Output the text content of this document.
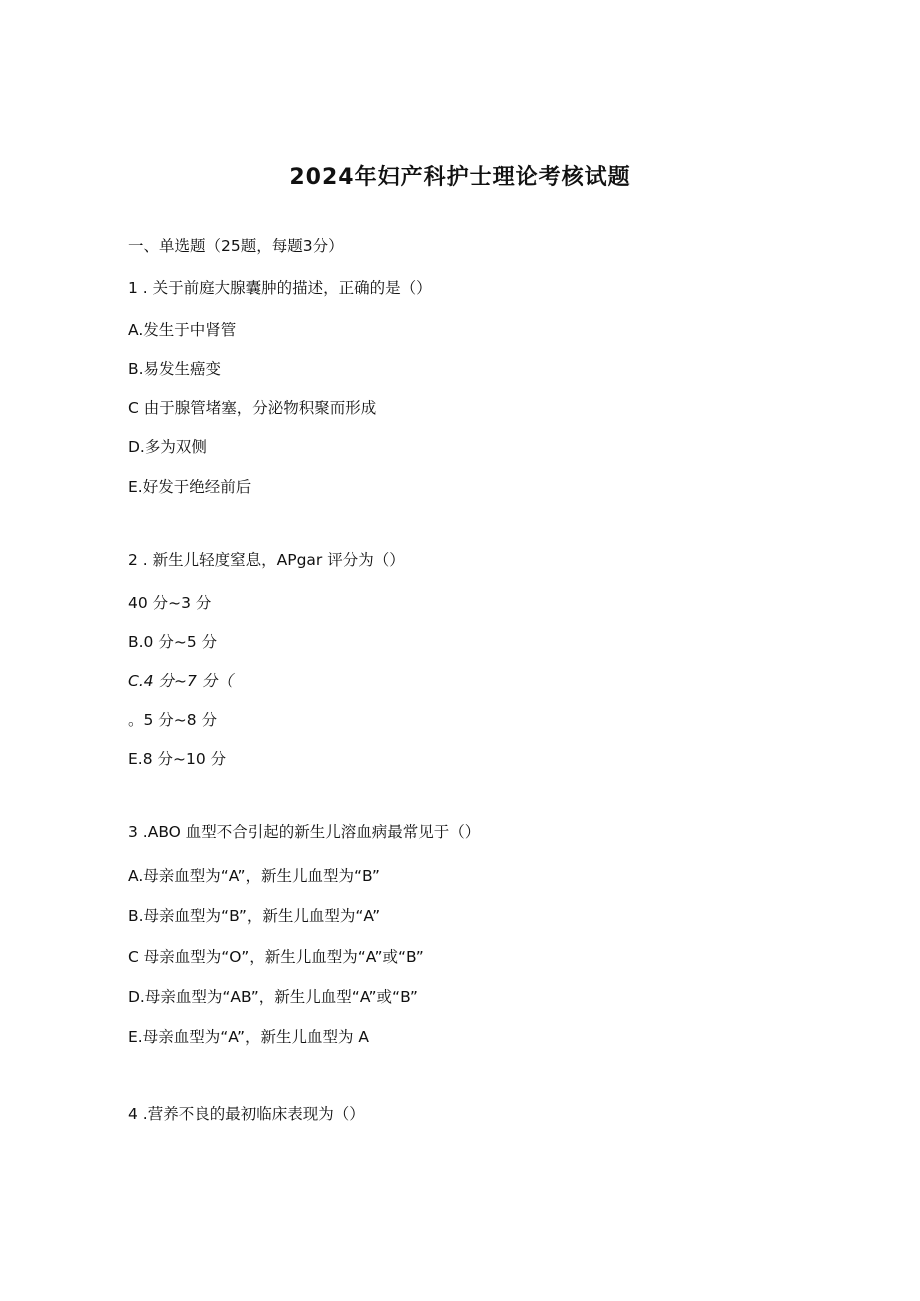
2024年妇产科护士理论考核试题
一、单选题（25题，每题3分）
1 . 关于前庭大腺囊肿的描述，正确的是（）
A.发生于中肾管
B.易发生癌变
C 由于腺管堵塞，分泌物积聚而形成
D.多为双侧
E.好发于绝经前后
2 . 新生儿轻度窒息，APgar 评分为（）
40 分~3 分
B.0 分~5 分
C.4 分~7 分（
。5 分~8 分
E.8 分~10 分
3 .ABO 血型不合引起的新生儿溶血病最常见于（）
A.母亲血型为“A”，新生儿血型为“B”
B.母亲血型为“B”，新生儿血型为“A”
C 母亲血型为“O”，新生儿血型为“A”或“B”
D.母亲血型为“AB”，新生儿血型“A”或“B”
E.母亲血型为“A”，新生儿血型为 A
4 .营养不良的最初临床表现为（）
